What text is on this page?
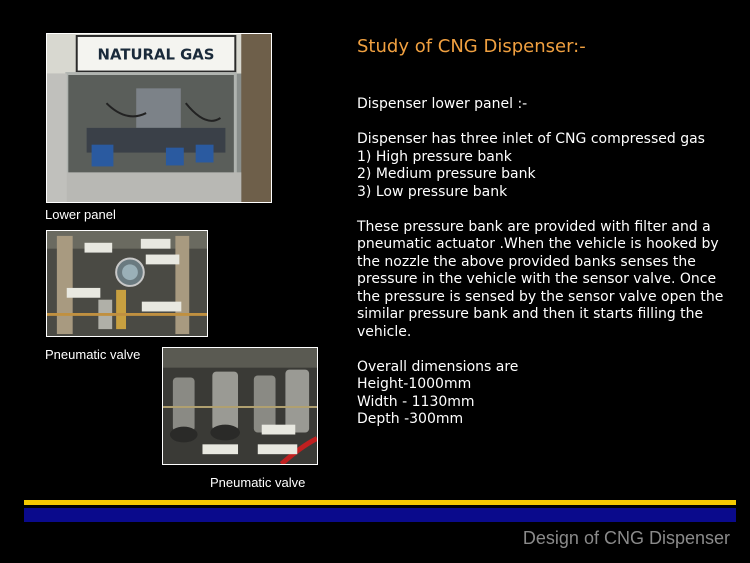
NATURAL GAS
Lower panel
Pneumatic valve
Pneumatic valve
Study of CNG Dispenser:-

Dispenser lower panel :-

Dispenser has three inlet of CNG compressed gas

1) High pressure bank

2) Medium pressure bank

3) Low pressure bank

These pressure bank are provided with filter and a pneumatic actuator .When the vehicle is hooked by the nozzle the above provided banks senses the pressure in the vehicle with the sensor valve. Once the pressure is sensed by the sensor valve open the similar pressure bank and then it starts filling the vehicle.

Overall dimensions are

Height-1000mm

Width - 1130mm

Depth -300mm

Design of CNG Dispenser
